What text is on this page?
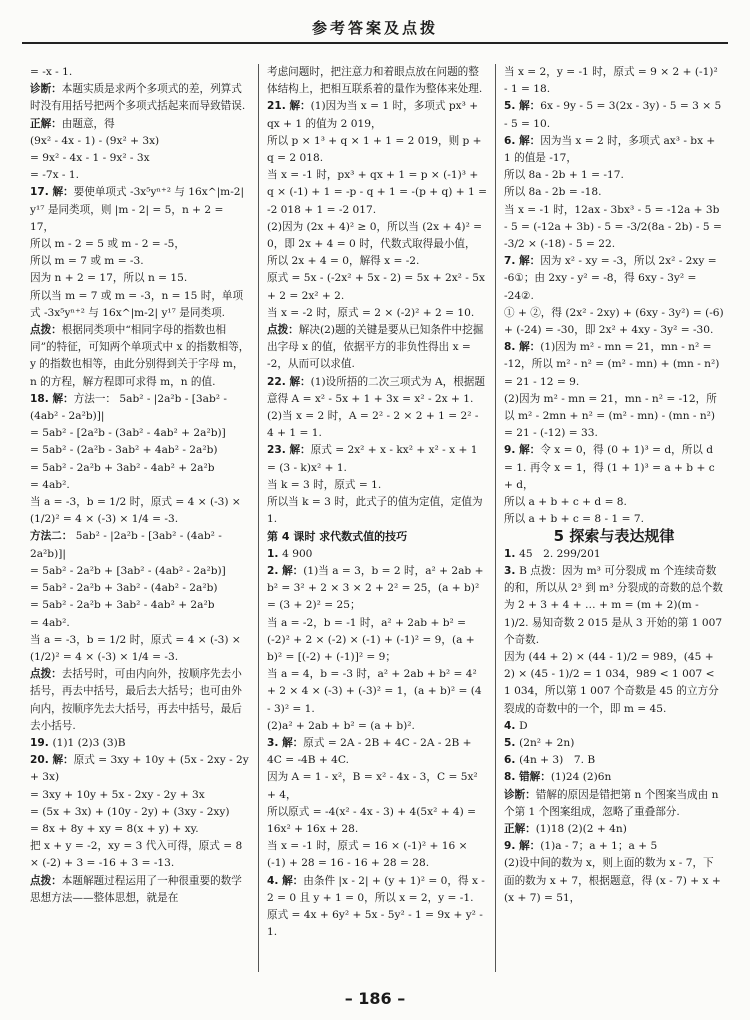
参考答案及点拨

= -x - 1.

诊断：本题实质是求两个多项式的差，列算式时没有用括号把两个多项式括起来而导致错误.

正解：由题意，得

(9x² - 4x - 1) - (9x² + 3x)

= 9x² - 4x - 1 - 9x² - 3x

= -7x - 1.

17. 解：要使单项式 -3x⁵yⁿ⁺² 与 16x^|m-2| y¹⁷ 是同类项，则 |m - 2| = 5，n + 2 = 17，

所以 m - 2 = 5 或 m - 2 = -5，

所以 m = 7 或 m = -3.

因为 n + 2 = 17，所以 n = 15.

所以当 m = 7 或 m = -3，n = 15 时，单项式 -3x⁵yⁿ⁺² 与 16x^|m-2| y¹⁷ 是同类项.

点拨：根据同类项中“相同字母的指数也相同”的特征，可知两个单项式中 x 的指数相等，y 的指数也相等，由此分别得到关于字母 m，n 的方程，解方程即可求得 m，n 的值.

18. 解：方法一： 5ab² - |2a²b - [3ab² - (4ab² - 2a²b)]|

= 5ab² - [2a²b - (3ab² - 4ab² + 2a²b)]

= 5ab² - (2a²b - 3ab² + 4ab² - 2a²b)

= 5ab² - 2a²b + 3ab² - 4ab² + 2a²b

= 4ab².

当 a = -3，b = 1/2 时，原式 = 4 × (-3) × (1/2)² = 4 × (-3) × 1/4 = -3.

方法二： 5ab² - |2a²b - [3ab² - (4ab² - 2a²b)]|

= 5ab² - 2a²b + [3ab² - (4ab² - 2a²b)]

= 5ab² - 2a²b + 3ab² - (4ab² - 2a²b)

= 5ab² - 2a²b + 3ab² - 4ab² + 2a²b

= 4ab².

当 a = -3，b = 1/2 时，原式 = 4 × (-3) × (1/2)² = 4 × (-3) × 1/4 = -3.

点拨：去括号时，可由内向外，按顺序先去小括号，再去中括号，最后去大括号；也可由外向内，按顺序先去大括号，再去中括号，最后去小括号.

19. (1)1 (2)3 (3)B

20. 解：原式 = 3xy + 10y + (5x - 2xy - 2y + 3x)

= 3xy + 10y + 5x - 2xy - 2y + 3x

= (5x + 3x) + (10y - 2y) + (3xy - 2xy)

= 8x + 8y + xy = 8(x + y) + xy.

把 x + y = -2，xy = 3 代入可得，原式 = 8 × (-2) + 3 = -16 + 3 = -13.

点拨：本题解题过程运用了一种很重要的数学思想方法——整体思想，就是在

考虑问题时，把注意力和着眼点放在问题的整体结构上，把相互联系着的量作为整体来处理.

21. 解：(1)因为当 x = 1 时，多项式 px³ + qx + 1 的值为 2 019，

所以 p × 1³ + q × 1 + 1 = 2 019，则 p + q = 2 018.

当 x = -1 时，px³ + qx + 1 = p × (-1)³ + q × (-1) + 1 = -p - q + 1 = -(p + q) + 1 = -2 018 + 1 = -2 017.

(2)因为 (2x + 4)² ≥ 0，所以当 (2x + 4)² = 0，即 2x + 4 = 0 时，代数式取得最小值，

所以 2x + 4 = 0，解得 x = -2.

原式 = 5x - (-2x² + 5x - 2) = 5x + 2x² - 5x + 2 = 2x² + 2.

当 x = -2 时，原式 = 2 × (-2)² + 2 = 10.

点拨：解决(2)题的关键是要从已知条件中挖掘出字母 x 的值，依据平方的非负性得出 x = -2，从而可以求值.

22. 解：(1)设所捂的二次三项式为 A，根据题意得 A = x² - 5x + 1 + 3x = x² - 2x + 1.

(2)当 x = 2 时，A = 2² - 2 × 2 + 1 = 2² - 4 + 1 = 1.

23. 解：原式 = 2x² + x - kx² + x² - x + 1 = (3 - k)x² + 1.

当 k = 3 时，原式 = 1.

所以当 k = 3 时，此式子的值为定值，定值为 1.

第 4 课时 求代数式值的技巧

1. 4 900

2. 解：(1)当 a = 3，b = 2 时，a² + 2ab + b² = 3² + 2 × 3 × 2 + 2² = 25，(a + b)² = (3 + 2)² = 25；

当 a = -2，b = -1 时，a² + 2ab + b² = (-2)² + 2 × (-2) × (-1) + (-1)² = 9，(a + b)² = [(-2) + (-1)]² = 9；

当 a = 4，b = -3 时，a² + 2ab + b² = 4² + 2 × 4 × (-3) + (-3)² = 1，(a + b)² = (4 - 3)² = 1.

(2)a² + 2ab + b² = (a + b)².

3. 解：原式 = 2A - 2B + 4C - 2A - 2B + 4C = -4B + 4C.

因为 A = 1 - x²，B = x² - 4x - 3，C = 5x² + 4，

所以原式 = -4(x² - 4x - 3) + 4(5x² + 4) = 16x² + 16x + 28.

当 x = -1 时，原式 = 16 × (-1)² + 16 × (-1) + 28 = 16 - 16 + 28 = 28.

4. 解：由条件 |x - 2| + (y + 1)² = 0，得 x - 2 = 0 且 y + 1 = 0，所以 x = 2，y = -1.

原式 = 4x + 6y² + 5x - 5y² - 1 = 9x + y² - 1.

当 x = 2，y = -1 时，原式 = 9 × 2 + (-1)² - 1 = 18.

5. 解：6x - 9y - 5 = 3(2x - 3y) - 5 = 3 × 5 - 5 = 10.

6. 解：因为当 x = 2 时，多项式 ax³ - bx + 1 的值是 -17，

所以 8a - 2b + 1 = -17.

所以 8a - 2b = -18.

当 x = -1 时，12ax - 3bx³ - 5 = -12a + 3b - 5 = (-12a + 3b) - 5 = -3/2(8a - 2b) - 5 = -3/2 × (-18) - 5 = 22.

7. 解：因为 x² - xy = -3，所以 2x² - 2xy = -6①；由 2xy - y² = -8，得 6xy - 3y² = -24②.

① + ②，得 (2x² - 2xy) + (6xy - 3y²) = (-6) + (-24) = -30，即 2x² + 4xy - 3y² = -30.

8. 解：(1)因为 m² - mn = 21，mn - n² = -12，所以 m² - n² = (m² - mn) + (mn - n²) = 21 - 12 = 9.

(2)因为 m² - mn = 21，mn - n² = -12，所以 m² - 2mn + n² = (m² - mn) - (mn - n²) = 21 - (-12) = 33.

9. 解：令 x = 0，得 (0 + 1)³ = d，所以 d = 1. 再令 x = 1，得 (1 + 1)³ = a + b + c + d，

所以 a + b + c + d = 8.

所以 a + b + c = 8 - 1 = 7.

5 探索与表达规律

1. 45　2. 299/201

3. B 点拨：因为 m³ 可分裂成 m 个连续奇数的和，所以从 2³ 到 m³ 分裂成的奇数的总个数为 2 + 3 + 4 + … + m = (m + 2)(m - 1)/2. 易知奇数 2 015 是从 3 开始的第 1 007 个奇数.

因为 (44 + 2) × (44 - 1)/2 = 989，(45 + 2) × (45 - 1)/2 = 1 034，989 < 1 007 < 1 034，所以第 1 007 个奇数是 45 的立方分裂成的奇数中的一个，即 m = 45.

4. D

5. (2n² + 2n)

6. (4n + 3)　7. B

8. 错解：(1)24 (2)6n

诊断：错解的原因是错把第 n 个图案当成由 n 个第 1 个图案组成，忽略了重叠部分.

正解：(1)18 (2)(2 + 4n)

9. 解：(1)a - 7；a + 1；a + 5

(2)设中间的数为 x，则上面的数为 x - 7，下面的数为 x + 7，根据题意，得 (x - 7) + x + (x + 7) = 51，

– 186 –
